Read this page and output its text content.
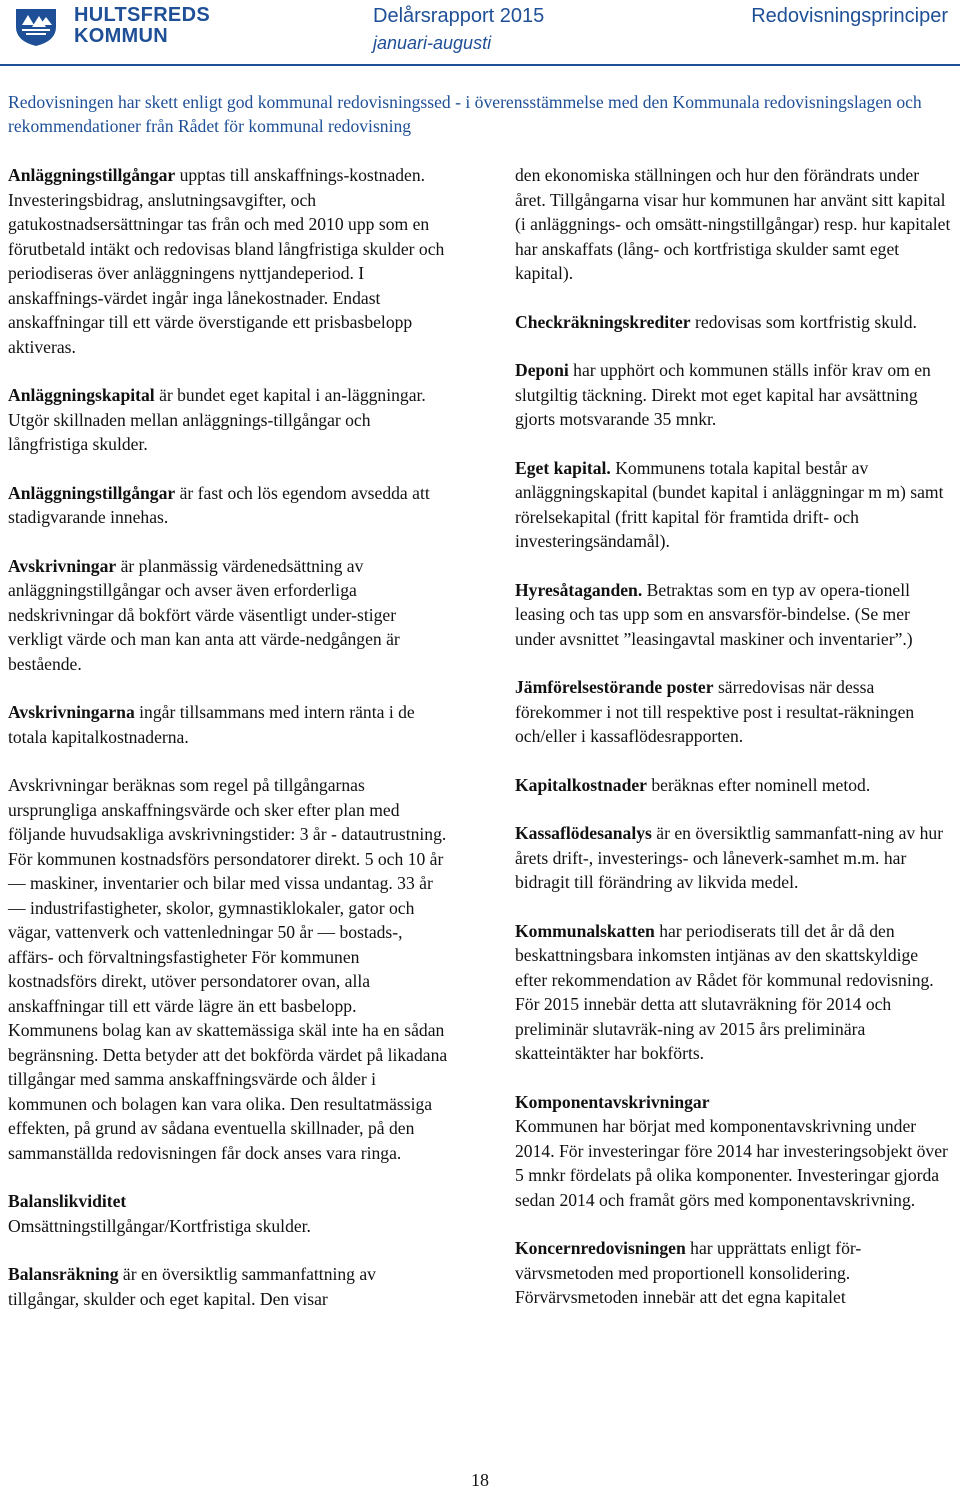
HULTSFREDS
KOMMUN
Delårsrapport 2015
januari-augusti
Redovisningsprinciper
Redovisningen har skett enligt god kommunal redovisningssed - i överensstämmelse med den Kommunala redovisningslagen och rekommendationer från Rådet för kommunal redovisning

Anläggningstillgångar upptas till anskaffnings-kostnaden. Investeringsbidrag, anslutningsavgifter, och gatukostnadsersättningar tas från och med 2010 upp som en förutbetald intäkt och redovisas bland långfristiga skulder och periodiseras över anläggningens nyttjandeperiod. I anskaffnings-värdet ingår inga lånekostnader. Endast anskaffningar till ett värde överstigande ett prisbasbelopp aktiveras.

Anläggningskapital är bundet eget kapital i an-läggningar. Utgör skillnaden mellan anläggnings-tillgångar och långfristiga skulder.

Anläggningstillgångar är fast och lös egendom avsedda att stadigvarande innehas.

Avskrivningar är planmässig värdenedsättning av anläggningstillgångar och avser även erforderliga nedskrivningar då bokfört värde väsentligt under-stiger verkligt värde och man kan anta att värde-nedgången är bestående.

Avskrivningarna ingår tillsammans med intern ränta i de totala kapitalkostnaderna.

Avskrivningar beräknas som regel på tillgångarnas ursprungliga anskaffningsvärde och sker efter plan med följande huvudsakliga avskrivningstider: 3 år - datautrustning. För kommunen kostnadsförs persondatorer direkt. 5 och 10 år — maskiner, inventarier och bilar med vissa undantag. 33 år — industrifastigheter, skolor, gymnastiklokaler, gator och vägar, vattenverk och vattenledningar 50 år — bostads-, affärs- och förvaltningsfastigheter För kommunen kostnadsförs direkt, utöver persondatorer ovan, alla anskaffningar till ett värde lägre än ett basbelopp. Kommunens bolag kan av skattemässiga skäl inte ha en sådan begränsning. Detta betyder att det bokförda värdet på likadana tillgångar med samma anskaffningsvärde och ålder i kommunen och bolagen kan vara olika. Den resultatmässiga effekten, på grund av sådana eventuella skillnader, på den sammanställda redovisningen får dock anses vara ringa.

Balanslikviditet
Omsättningstillgångar/Kortfristiga skulder.

Balansräkning är en översiktlig sammanfattning av tillgångar, skulder och eget kapital. Den visar

den ekonomiska ställningen och hur den förändrats under året. Tillgångarna visar hur kommunen har använt sitt kapital (i anläggnings- och omsätt-ningstillgångar) resp. hur kapitalet har anskaffats (lång- och kortfristiga skulder samt eget kapital).

Checkräkningskrediter redovisas som kortfristig skuld.

Deponi har upphört och kommunen ställs inför krav om en slutgiltig täckning. Direkt mot eget kapital har avsättning gjorts motsvarande 35 mnkr.

Eget kapital. Kommunens totala kapital består av anläggningskapital (bundet kapital i anläggningar m m) samt rörelsekapital (fritt kapital för framtida drift- och investeringsändamål).

Hyresåtaganden. Betraktas som en typ av opera-tionell leasing och tas upp som en ansvarsför-bindelse. (Se mer under avsnittet ”leasingavtal maskiner och inventarier”.)

Jämförelsestörande poster särredovisas när dessa förekommer i not till respektive post i resultat-räkningen och/eller i kassaflödesrapporten.

Kapitalkostnader beräknas efter nominell metod.

Kassaflödesanalys är en översiktlig sammanfatt-ning av hur årets drift-, investerings- och låneverk-samhet m.m. har bidragit till förändring av likvida medel.

Kommunalskatten har periodiserats till det år då den beskattningsbara inkomsten intjänas av den skattskyldige efter rekommendation av Rådet för kommunal redovisning. För 2015 innebär detta att slutavräkning för 2014 och preliminär slutavräk-ning av 2015 års preliminära skatteintäkter har bokförts.

Komponentavskrivningar
Kommunen har börjat med komponentavskrivning under 2014. För investeringar före 2014 har investeringsobjekt över 5 mnkr fördelats på olika komponenter. Investeringar gjorda sedan 2014 och framåt görs med komponentavskrivning.

Koncernredovisningen har upprättats enligt för-värvsmetoden med proportionell konsolidering. Förvärvsmetoden innebär att det egna kapitalet

18
